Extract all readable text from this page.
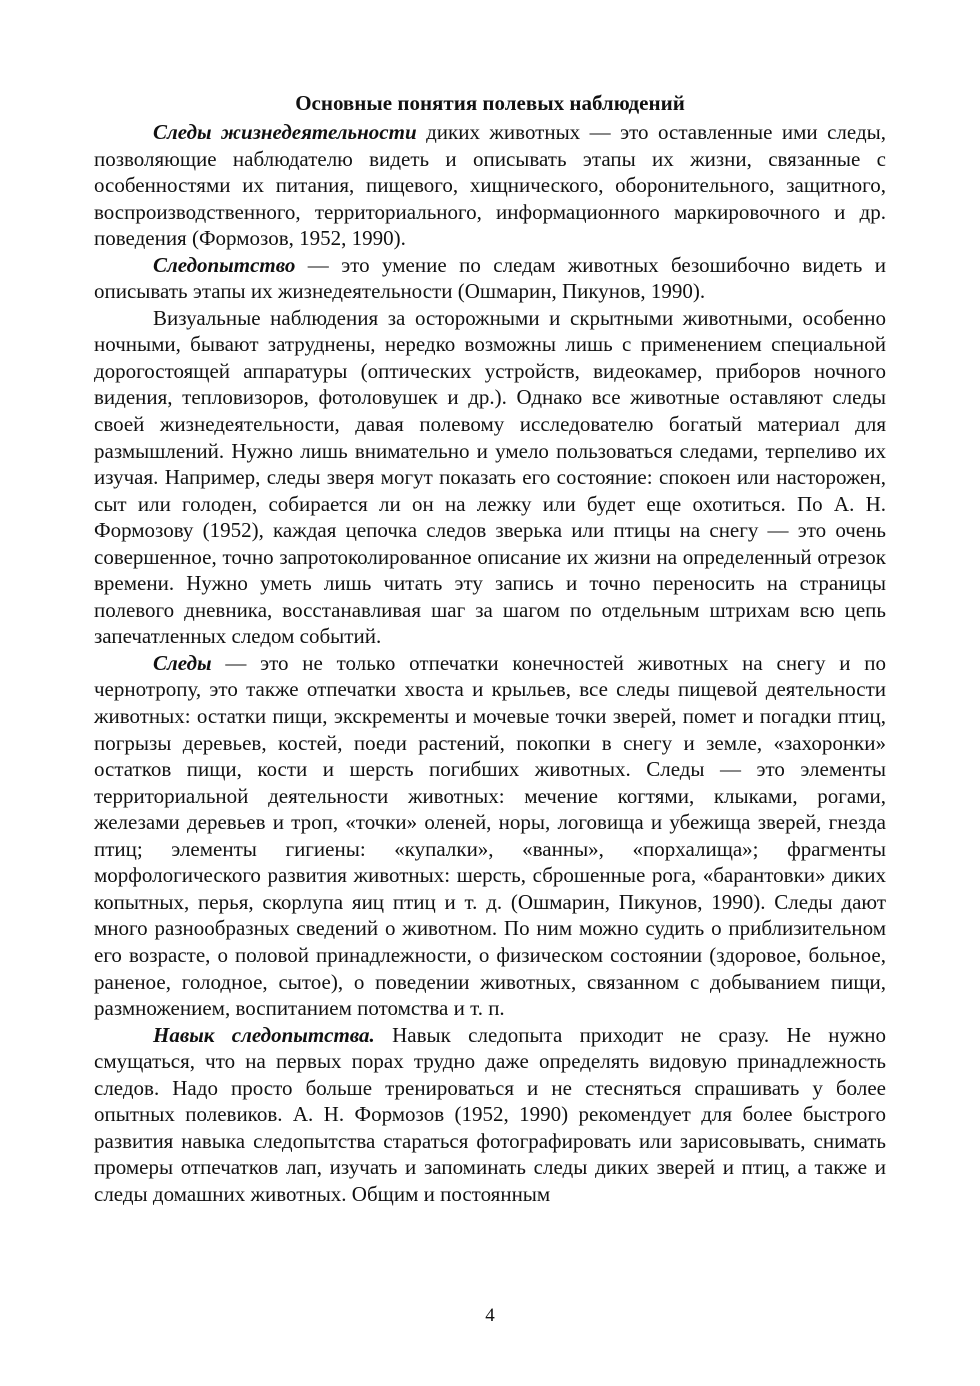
Основные понятия полевых наблюдений

Следы жизнедеятельности диких животных — это оставленные ими следы, позволяющие наблюдателю видеть и описывать этапы их жизни, связанные с особенностями их питания, пищевого, хищнического, оборонительного, защитного, воспроизводственного, территориального, информационного маркировочного и др. поведения (Формозов, 1952, 1990).

Следопытство — это умение по следам животных безошибочно видеть и описывать этапы их жизнедеятельности (Ошмарин, Пикунов, 1990).

Визуальные наблюдения за осторожными и скрытными животными, особенно ночными, бывают затруднены, нередко возможны лишь с применением специальной дорогостоящей аппаратуры (оптических устройств, видеокамер, приборов ночного видения, тепловизоров, фотоловушек и др.). Однако все животные оставляют следы своей жизнедеятельности, давая полевому исследователю богатый материал для размышлений. Нужно лишь внимательно и умело пользоваться следами, терпеливо их изучая. Например, следы зверя могут показать его состояние: спокоен или насторожен, сыт или голоден, собирается ли он на лежку или будет еще охотиться. По А. Н. Формозову (1952), каждая цепочка следов зверька или птицы на снегу — это очень совершенное, точно запротоколированное описание их жизни на определенный отрезок времени. Нужно уметь лишь читать эту запись и точно переносить на страницы полевого дневника, восстанавливая шаг за шагом по отдельным штрихам всю цепь запечатленных следом событий.

Следы — это не только отпечатки конечностей животных на снегу и по чернотропу, это также отпечатки хвоста и крыльев, все следы пищевой деятельности животных: остатки пищи, экскременты и мочевые точки зверей, помет и погадки птиц, погрызы деревьев, костей, поеди растений, покопки в снегу и земле, «захоронки» остатков пищи, кости и шерсть погибших животных. Следы — это элементы территориальной деятельности животных: мечение когтями, клыками, рогами, железами деревьев и троп, «точки» оленей, норы, логовища и убежища зверей, гнезда птиц; элементы гигиены: «купалки», «ванны», «порхалища»; фрагменты морфологического развития животных: шерсть, сброшенные рога, «барантовки» диких копытных, перья, скорлупа яиц птиц и т. д. (Ошмарин, Пикунов, 1990). Следы дают много разнообразных сведений о животном. По ним можно судить о приблизительном его возрасте, о половой принадлежности, о физическом состоянии (здоровое, больное, раненое, голодное, сытое), о поведении животных, связанном с добыванием пищи, размножением, воспитанием потомства и т. п.

Навык следопытства. Навык следопыта приходит не сразу. Не нужно смущаться, что на первых порах трудно даже определять видовую принадлежность следов. Надо просто больше тренироваться и не стесняться спрашивать у более опытных полевиков. А. Н. Формозов (1952, 1990) рекомендует для более быстрого развития навыка следопытства стараться фотографировать или зарисовывать, снимать промеры отпечатков лап, изучать и запоминать следы диких зверей и птиц, а также и следы домашних животных. Общим и постоянным

4
